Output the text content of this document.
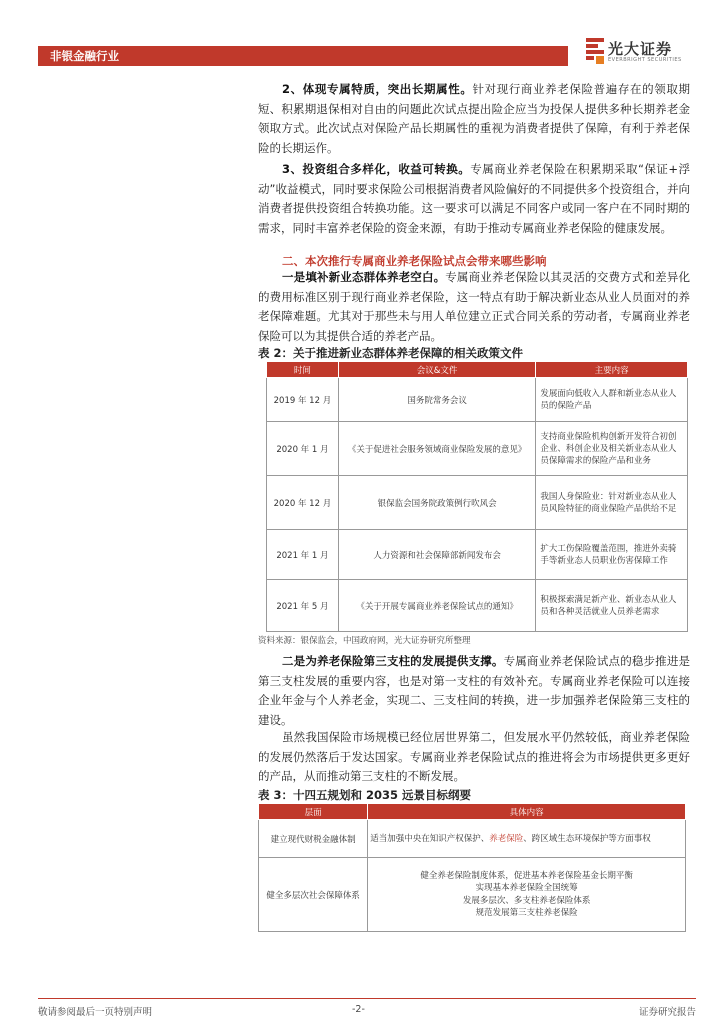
非银金融行业	光大证券
EVERBRIGHT SECURITIES

2、体现专属特质，突出长期属性。针对现行商业养老保险普遍存在的领取期短、积累期退保相对自由的问题此次试点提出险企应当为投保人提供多种长期养老金领取方式。此次试点对保险产品长期属性的重视为消费者提供了保障，有利于养老保险的长期运作。

3、投资组合多样化，收益可转换。专属商业养老保险在积累期采取“保证+浮动”收益模式，同时要求保险公司根据消费者风险偏好的不同提供多个投资组合，并向消费者提供投资组合转换功能。这一要求可以满足不同客户或同一客户在不同时期的需求，同时丰富养老保险的资金来源，有助于推动专属商业养老保险的健康发展。

二、本次推行专属商业养老保险试点会带来哪些影响

一是填补新业态群体养老空白。专属商业养老保险以其灵活的交费方式和差异化的费用标准区别于现行商业养老保险，这一特点有助于解决新业态从业人员面对的养老保障难题。尤其对于那些未与用人单位建立正式合同关系的劳动者，专属商业养老保险可以为其提供合适的养老产品。

表 2：关于推进新业态群体养老保障的相关政策文件
时间	会议&文件	主要内容
2019 年 12 月	国务院常务会议	发展面向低收入人群和新业态从业人员的保险产品
2020 年 1 月	《关于促进社会服务领域商业保险发展的意见》	支持商业保险机构创新开发符合初创企业、科创企业及相关新业态从业人员保障需求的保险产品和业务
2020 年 12 月	银保监会国务院政策例行吹风会	我国人身保险业：针对新业态从业人员风险特征的商业保险产品供给不足
2021 年 1 月	人力资源和社会保障部新闻发布会	扩大工伤保险覆盖范围，推进外卖骑手等新业态人员职业伤害保障工作
2021 年 5 月	《关于开展专属商业养老保险试点的通知》	积极探索满足新产业、新业态从业人员和各种灵活就业人员养老需求
资料来源：银保监会，中国政府网，光大证券研究所整理

二是为养老保险第三支柱的发展提供支撑。专属商业养老保险试点的稳步推进是第三支柱发展的重要内容，也是对第一支柱的有效补充。专属商业养老保险可以连接企业年金与个人养老金，实现二、三支柱间的转换，进一步加强养老保险第三支柱的建设。

虽然我国保险市场规模已经位居世界第二，但发展水平仍然较低，商业养老保险的发展仍然落后于发达国家。专属商业养老保险试点的推进将会为市场提供更多更好的产品，从而推动第三支柱的不断发展。

表 3：十四五规划和 2035 远景目标纲要
层面	具体内容
建立现代财税金融体制	适当加强中央在知识产权保护、养老保险、跨区域生态环境保护等方面事权
健全多层次社会保障体系	健全养老保险制度体系，促进基本养老保险基金长期平衡
实现基本养老保险全国统筹
发展多层次、多支柱养老保险体系
规范发展第三支柱养老保险
敬请参阅最后一页特别声明	-2-	证券研究报告
